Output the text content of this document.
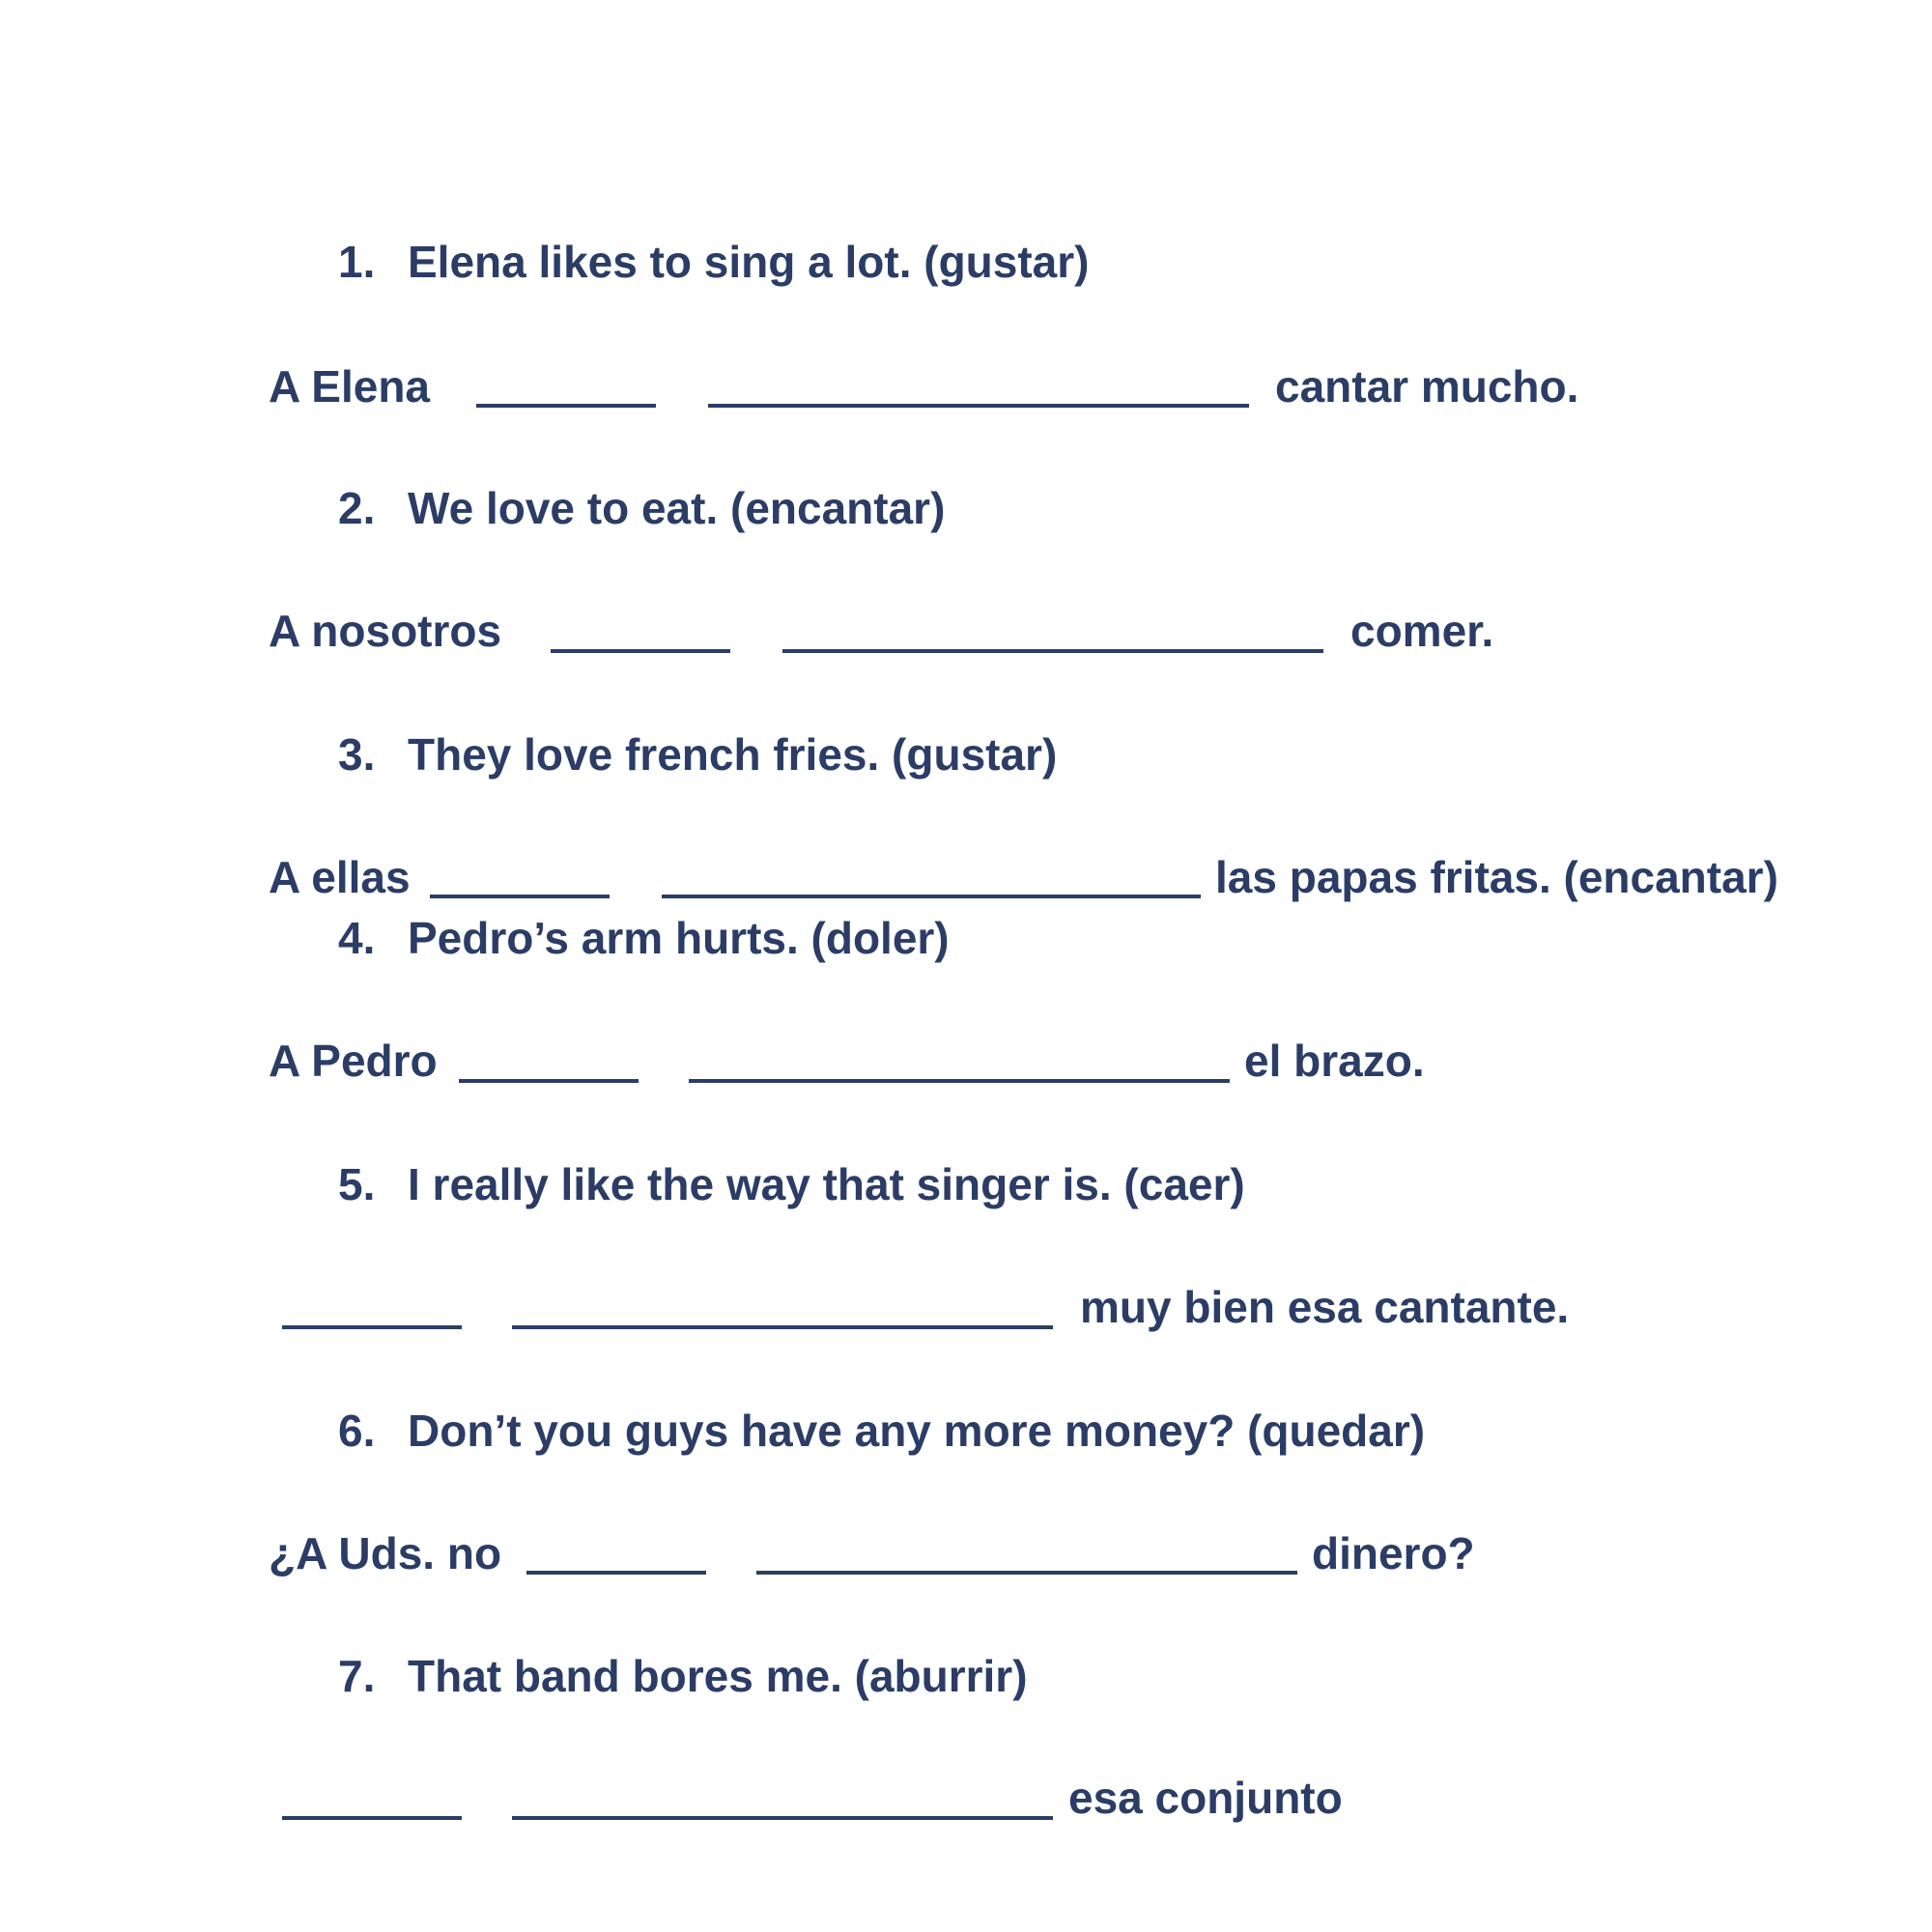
1. Elena likes to sing a lot. (gustar)
A Elena	cantar mucho.
2. We love to eat. (encantar)
A nosotros	comer.
3. They love french fries. (gustar)
A ellas	las papas fritas. (encantar)
4. Pedro’s arm hurts. (doler)
A Pedro	el brazo.
5. I really like the way that singer is. (caer)
muy bien esa cantante.
6. Don’t you guys have any more money? (quedar)
¿A Uds. no	dinero?
7. That band bores me. (aburrir)
esa conjunto
